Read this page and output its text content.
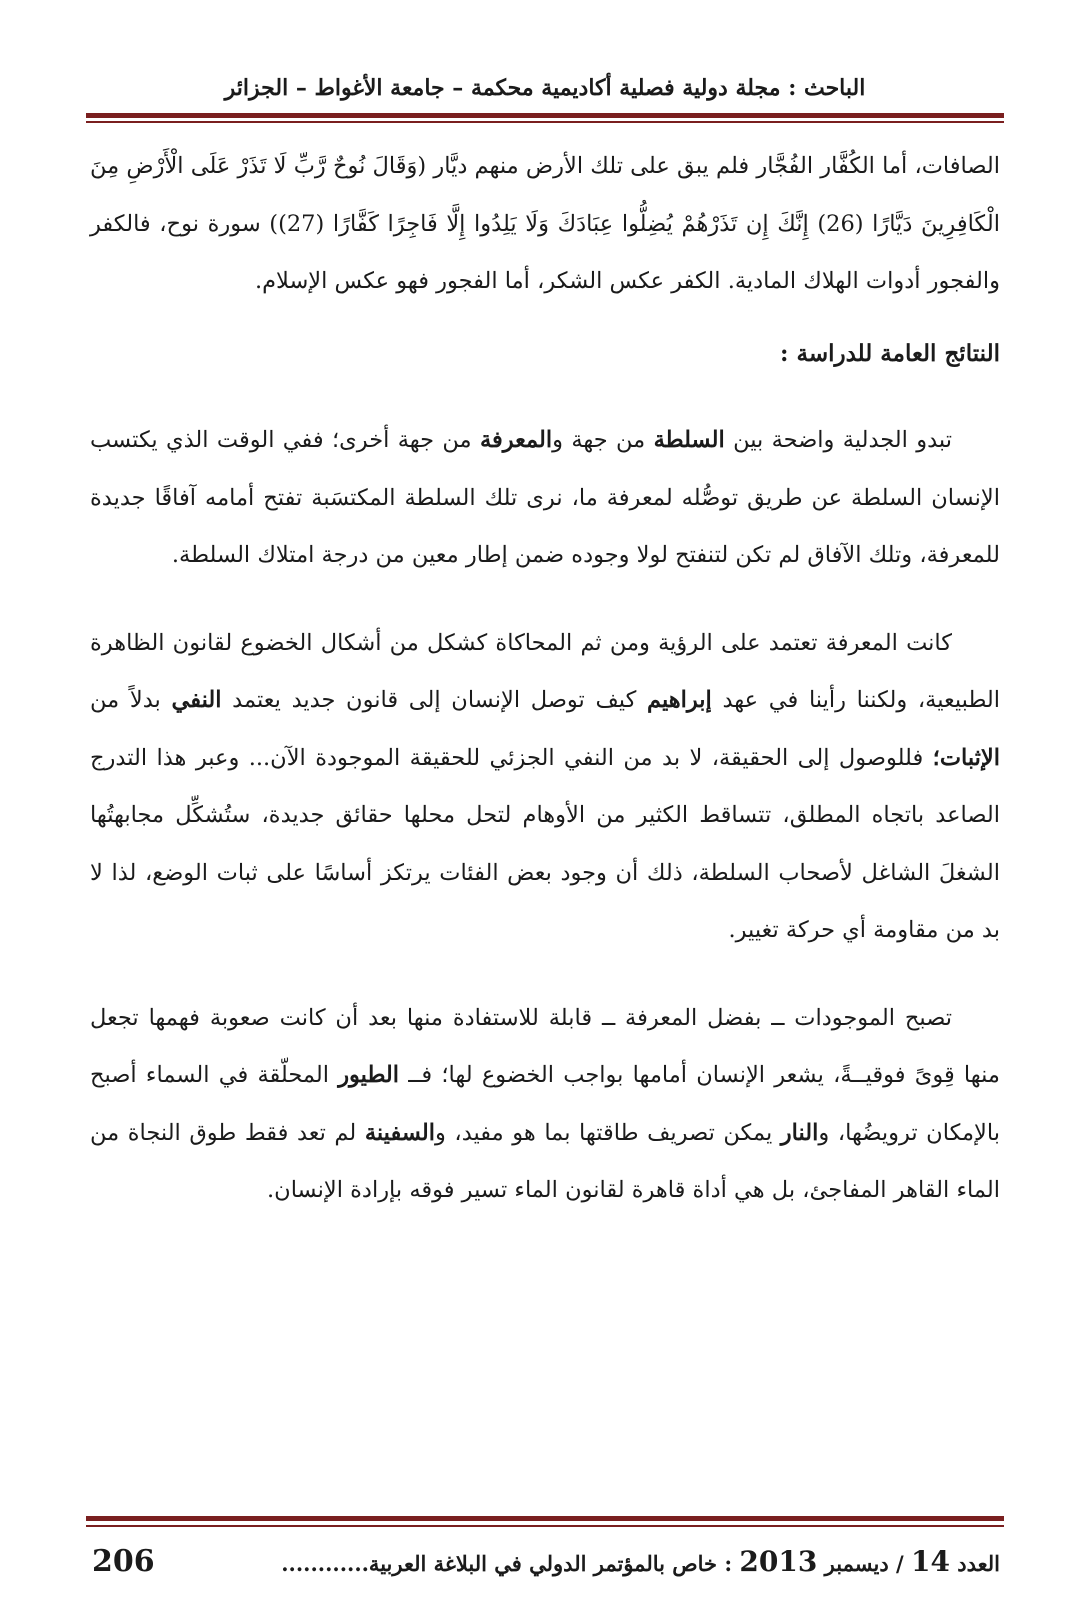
الباحث : مجلة دولية فصلية أكاديمية محكمة – جامعة الأغواط – الجزائر

الصافات، أما الكُفَّار الفُجَّار فلم يبق على تلك الأرض منهم ديَّار (وَقَالَ نُوحٌ رَّبِّ لَا تَذَرْ عَلَى الْأَرْضِ مِنَ الْكَافِرِينَ دَيَّارًا (26) إِنَّكَ إِن تَذَرْهُمْ يُضِلُّوا عِبَادَكَ وَلَا يَلِدُوا إِلَّا فَاجِرًا كَفَّارًا (27)) سورة نوح، فالكفر والفجور أدوات الهلاك المادية. الكفر عكس الشكر، أما الفجور فهو عكس الإسلام.

النتائج العامة للدراسة :

تبدو الجدلية واضحة بين السلطة من جهة والمعرفة من جهة أخرى؛ ففي الوقت الذي يكتسب الإنسان السلطة عن طريق توصُّله لمعرفة ما، نرى تلك السلطة المكتسَبة تفتح أمامه آفاقًا جديدة للمعرفة، وتلك الآفاق لم تكن لتنفتح لولا وجوده ضمن إطار معين من درجة امتلاك السلطة.

كانت المعرفة تعتمد على الرؤية ومن ثم المحاكاة كشكل من أشكال الخضوع لقانون الظاهرة الطبيعية، ولكننا رأينا في عهد إبراهيم كيف توصل الإنسان إلى قانون جديد يعتمد النفي بدلاً من الإثبات؛ فللوصول إلى الحقيقة، لا بد من النفي الجزئي للحقيقة الموجودة الآن... وعبر هذا التدرج الصاعد باتجاه المطلق، تتساقط الكثير من الأوهام لتحل محلها حقائق جديدة، ستُشكِّل مجابهتُها الشغلَ الشاغل لأصحاب السلطة، ذلك أن وجود بعض الفئات يرتكز أساسًا على ثبات الوضع، لذا لا بد من مقاومة أي حركة تغيير.

تصبح الموجودات ــ بفضل المعرفة ــ قابلة للاستفادة منها بعد أن كانت صعوبة فهمها تجعل منها قِوىً فوقيــةً، يشعر الإنسان أمامها بواجب الخضوع لها؛ فــ الطيور المحلّقة في السماء أصبح بالإمكان ترويضُها، والنار يمكن تصريف طاقتها بما هو مفيد، والسفينة لم تعد فقط طوق النجاة من الماء القاهر المفاجئ، بل هي أداة قاهرة لقانون الماء تسير فوقه بإرادة الإنسان.

العدد 14 / ديسمبر 2013 : خاص بالمؤتمر الدولي في البلاغة العربية............
206
